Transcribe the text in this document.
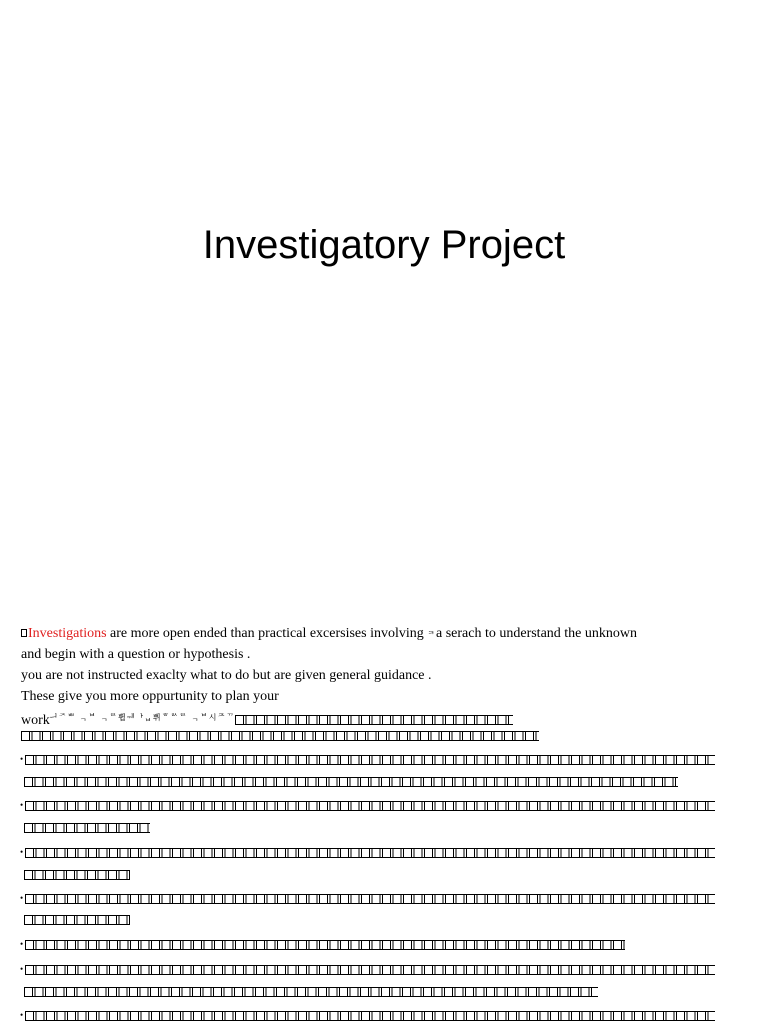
Investigatory Project
Investigations are more open ended than practical excersises involving ᆿa serach to understand the unknown
and begin with a question or hypothesis .
you are not instructed exaclty what to do but are given general guidance .
These give you more oppurtunity to plan your
workᅴᅎᄈ ᆨᄇ ᆨᄅ쀱ᅰᅡᆸ쀠ᄒᄅᄉᄅ ᆨᄇ시ᄌᄁ
•
•
•
•
•
•
•
